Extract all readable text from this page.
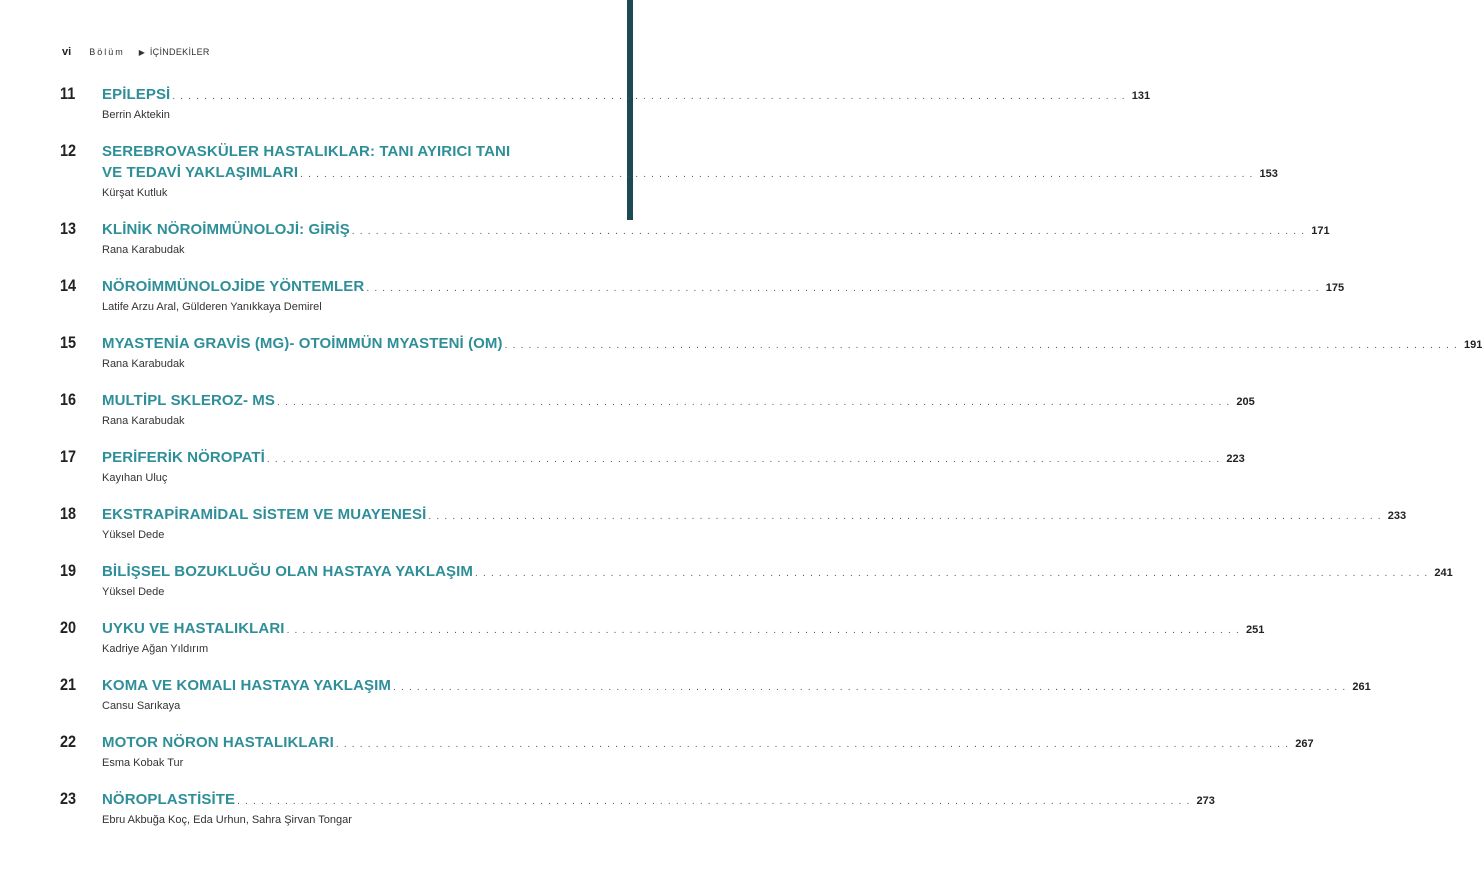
vi Bölüm ▶ İÇİNDEKİLER
11	EPİLEPSİ ........................................................................................................................ 131
Berrin Aktekin
12	SEREBROVASKÜLER HASTALIKLAR: TANI AYIRICI TANI
VE TEDAVİ YAKLAŞIMLARI ........................................................................................................................ 153
Kürşat Kutluk
13	KLİNİK NÖROİMMÜNOLOJİ: GİRİŞ ........................................................................................................................ 171
Rana Karabudak
14	NÖROİMMÜNOLOJİDE YÖNTEMLER ........................................................................................................................ 175
Latife Arzu Aral, Gülderen Yanıkkaya Demirel
15	MYASTENİA GRAVİS (MG)- OTOİMMÜN MYASTENİ (OM) ........................................................................................................................ 191
Rana Karabudak
16	MULTİPL SKLEROZ- MS ........................................................................................................................ 205
Rana Karabudak
17	PERİFERİK NÖROPATİ ........................................................................................................................ 223
Kayıhan Uluç
18	EKSTRAPİRAMİDAL SİSTEM VE MUAYENESİ ........................................................................................................................ 233
Yüksel Dede
19	BİLİŞSEL BOZUKLUĞU OLAN HASTAYA YAKLAŞIM ........................................................................................................................ 241
Yüksel Dede
20	UYKU VE HASTALIKLARI ........................................................................................................................ 251
Kadriye Ağan Yıldırım
21	KOMA VE KOMALI HASTAYA YAKLAŞIM ........................................................................................................................ 261
Cansu Sarıkaya
22	MOTOR NÖRON HASTALIKLARI ........................................................................................................................ 267
Esma Kobak Tur
23	NÖROPLASTİSİTE ........................................................................................................................ 273
Ebru Akbuğa Koç, Eda Urhun, Sahra Şirvan Tongar
